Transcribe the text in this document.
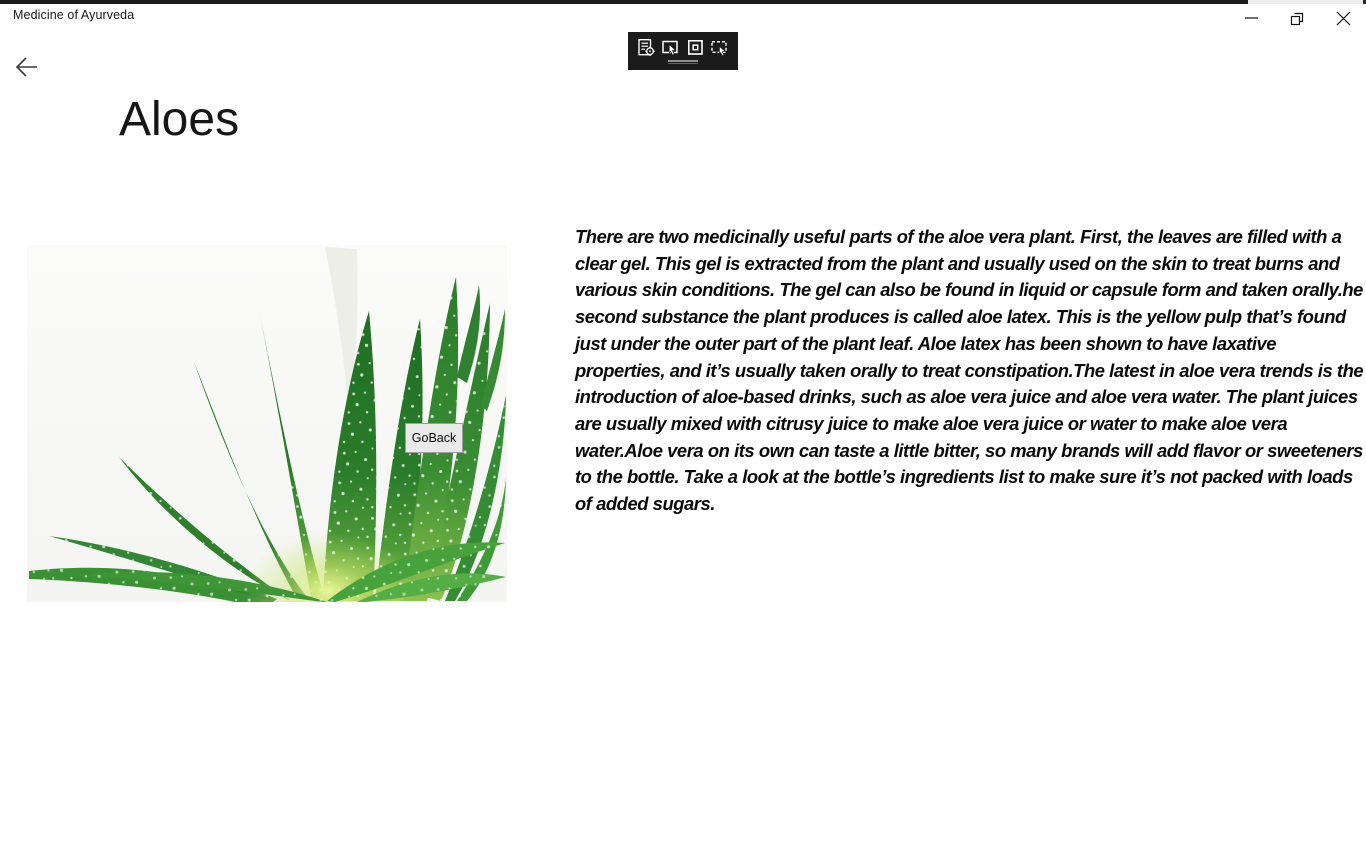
Medicine of Ayurveda
Aloes
GoBack

There are two medicinally useful parts of the aloe vera plant. First, the leaves are filled with a clear gel. This gel is extracted from the plant and usually used on the skin to treat burns and various skin conditions. The gel can also be found in liquid or capsule form and taken orally.he second substance the plant produces is called aloe latex. This is the yellow pulp that’s found just under the outer part of the plant leaf. Aloe latex has been shown to have laxative properties, and it’s usually taken orally to treat constipation.The latest in aloe vera trends is the introduction of aloe-based drinks, such as aloe vera juice and aloe vera water. The plant juices are usually mixed with citrusy juice to make aloe vera juice or water to make aloe vera water.Aloe vera on its own can taste a little bitter, so many brands will add flavor or sweeteners to the bottle. Take a look at the bottle’s ingredients list to make sure it’s not packed with loads of added sugars.
